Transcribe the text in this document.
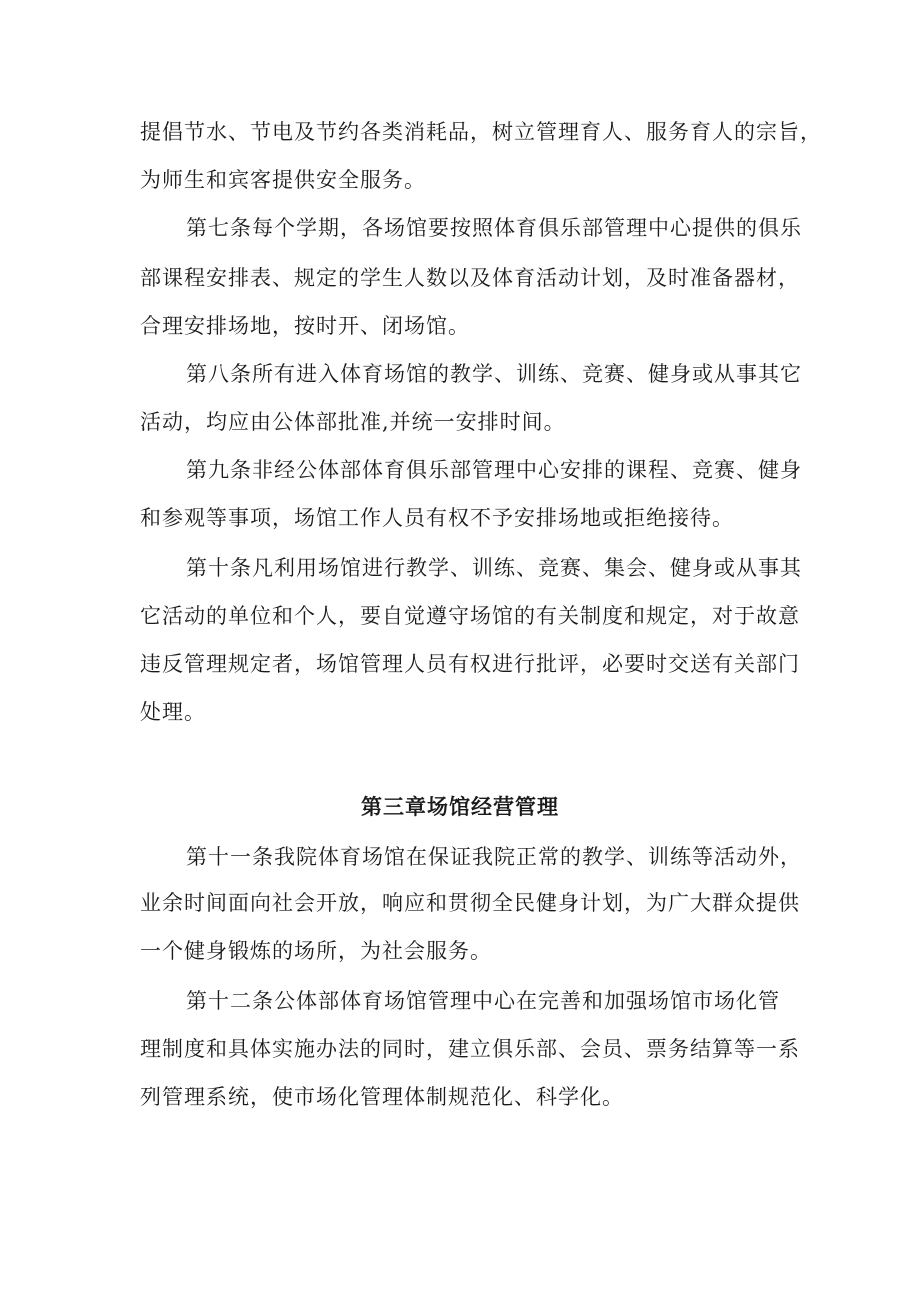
提倡节水、节电及节约各类消耗品，树立管理育人、服务育人的宗旨，
为师生和宾客提供安全服务。
第七条每个学期，各场馆要按照体育俱乐部管理中心提供的俱乐
部课程安排表、规定的学生人数以及体育活动计划，及时准备器材，
合理安排场地，按时开、闭场馆。
第八条所有进入体育场馆的教学、训练、竞赛、健身或从事其它
活动，均应由公体部批准,并统一安排时间。
第九条非经公体部体育俱乐部管理中心安排的课程、竞赛、健身
和参观等事项，场馆工作人员有权不予安排场地或拒绝接待。
第十条凡利用场馆进行教学、训练、竞赛、集会、健身或从事其
它活动的单位和个人，要自觉遵守场馆的有关制度和规定，对于故意
违反管理规定者，场馆管理人员有权进行批评，必要时交送有关部门
处理。
第三章场馆经营管理
第十一条我院体育场馆在保证我院正常的教学、训练等活动外，
业余时间面向社会开放，响应和贯彻全民健身计划，为广大群众提供
一个健身锻炼的场所，为社会服务。
第十二条公体部体育场馆管理中心在完善和加强场馆市场化管
理制度和具体实施办法的同时，建立俱乐部、会员、票务结算等一系
列管理系统，使市场化管理体制规范化、科学化。
